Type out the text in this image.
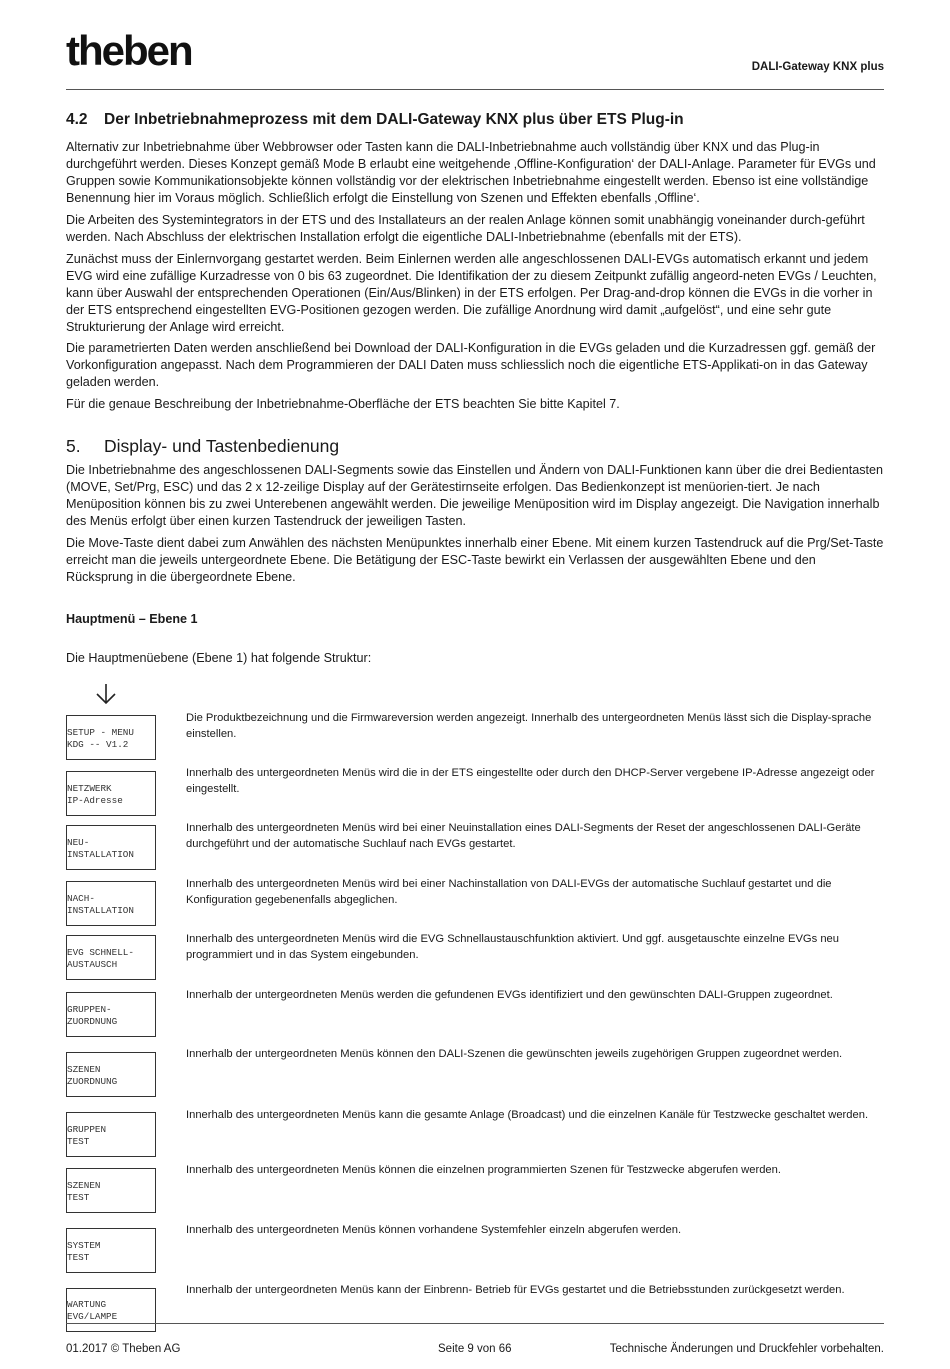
theben	DALI-Gateway KNX plus
4.2 Der Inbetriebnahmeprozess mit dem DALI-Gateway KNX plus über ETS Plug-in

Alternativ zur Inbetriebnahme über Webbrowser oder Tasten kann die DALI-Inbetriebnahme auch vollständig über KNX und das Plug-in durchgeführt werden. Dieses Konzept gemäß Mode B erlaubt eine weitgehende ‚Offline-Konfiguration‘ der DALI-Anlage. Parameter für EVGs und Gruppen sowie Kommunikationsobjekte können vollständig vor der elektrischen Inbetriebnahme eingestellt werden. Ebenso ist eine vollständige Benennung hier im Voraus möglich. Schließlich erfolgt die Einstellung von Szenen und Effekten ebenfalls ‚Offline‘.

Die Arbeiten des Systemintegrators in der ETS und des Installateurs an der realen Anlage können somit unabhängig voneinander durch-geführt werden. Nach Abschluss der elektrischen Installation erfolgt die eigentliche DALI-Inbetriebnahme (ebenfalls mit der ETS).

Zunächst muss der Einlernvorgang gestartet werden. Beim Einlernen werden alle angeschlossenen DALI-EVGs automatisch erkannt und jedem EVG wird eine zufällige Kurzadresse von 0 bis 63 zugeordnet. Die Identifikation der zu diesem Zeitpunkt zufällig angeord-neten EVGs / Leuchten, kann über Auswahl der entsprechenden Operationen (Ein/Aus/Blinken) in der ETS erfolgen. Per Drag-and-drop können die EVGs in die vorher in der ETS entsprechend eingestellten EVG-Positionen gezogen werden. Die zufällige Anordnung wird damit „aufgelöst“, und eine sehr gute Strukturierung der Anlage wird erreicht.

Die parametrierten Daten werden anschließend bei Download der DALI-Konfiguration in die EVGs geladen und die Kurzadressen ggf. gemäß der Vorkonfiguration angepasst. Nach dem Programmieren der DALI Daten muss schliesslich noch die eigentliche ETS-Applikati-on in das Gateway geladen werden.

Für die genaue Beschreibung der Inbetriebnahme-Oberfläche der ETS beachten Sie bitte Kapitel 7.

5. Display- und Tastenbedienung

Die Inbetriebnahme des angeschlossenen DALI-Segments sowie das Einstellen und Ändern von DALI-Funktionen kann über die drei Bedientasten (MOVE, Set/Prg, ESC) und das 2 x 12-zeilige Display auf der Gerätestirnseite erfolgen. Das Bedienkonzept ist menüorien-tiert. Je nach Menüposition können bis zu zwei Unterebenen angewählt werden. Die jeweilige Menüposition wird im Display angezeigt. Die Navigation innerhalb des Menüs erfolgt über einen kurzen Tastendruck der jeweiligen Tasten.

Die Move-Taste dient dabei zum Anwählen des nächsten Menüpunktes innerhalb einer Ebene. Mit einem kurzen Tastendruck auf die Prg/Set-Taste erreicht man die jeweils untergeordnete Ebene. Die Betätigung der ESC-Taste bewirkt ein Verlassen der ausgewählten Ebene und den Rücksprung in die übergeordnete Ebene.

Hauptmenü – Ebene 1

Die Hauptmenüebene (Ebene 1) hat folgende Struktur:

SETUP - MENU
KDG -- V1.2

Die Produktbezeichnung und die Firmwareversion werden angezeigt. Innerhalb des untergeordneten Menüs lässt sich die Display-sprache einstellen.

NETZWERK
IP-Adresse

Innerhalb des untergeordneten Menüs wird die in der ETS eingestellte oder durch den DHCP-Server vergebene IP-Adresse angezeigt oder eingestellt.

NEU-
INSTALLATION

Innerhalb des untergeordneten Menüs wird bei einer Neuinstallation eines DALI-Segments der Reset der angeschlossenen DALI-Geräte durchgeführt und der automatische Suchlauf nach EVGs gestartet.

NACH-
INSTALLATION

Innerhalb des untergeordneten Menüs wird bei einer Nachinstallation von DALI-EVGs der automatische Suchlauf gestartet und die Konfiguration gegebenenfalls abgeglichen.

EVG SCHNELL-
AUSTAUSCH

Innerhalb des untergeordneten Menüs wird die EVG Schnellaustauschfunktion aktiviert. Und ggf. ausgetauschte einzelne EVGs neu programmiert und in das System eingebunden.

GRUPPEN-
ZUORDNUNG

Innerhalb der untergeordneten Menüs werden die gefundenen EVGs identifiziert und den gewünschten DALI-Gruppen zugeordnet.

SZENEN
ZUORDNUNG

Innerhalb der untergeordneten Menüs können den DALI-Szenen die gewünschten jeweils zugehörigen Gruppen zugeordnet werden.

GRUPPEN
TEST

Innerhalb des untergeordneten Menüs kann die gesamte Anlage (Broadcast) und die einzelnen Kanäle für Testzwecke geschaltet werden.

SZENEN
TEST

Innerhalb des untergeordneten Menüs können die einzelnen programmierten Szenen für Testzwecke abgerufen werden.

SYSTEM
TEST

Innerhalb des untergeordneten Menüs können vorhandene Systemfehler einzeln abgerufen werden.

WARTUNG
EVG/LAMPE

Innerhalb der untergeordneten Menüs kann der Einbrenn- Betrieb für EVGs gestartet und die Betriebsstunden zurückgesetzt werden.

01.2017 © Theben AG	Seite 9 von 66	Technische Änderungen und Druckfehler vorbehalten.
